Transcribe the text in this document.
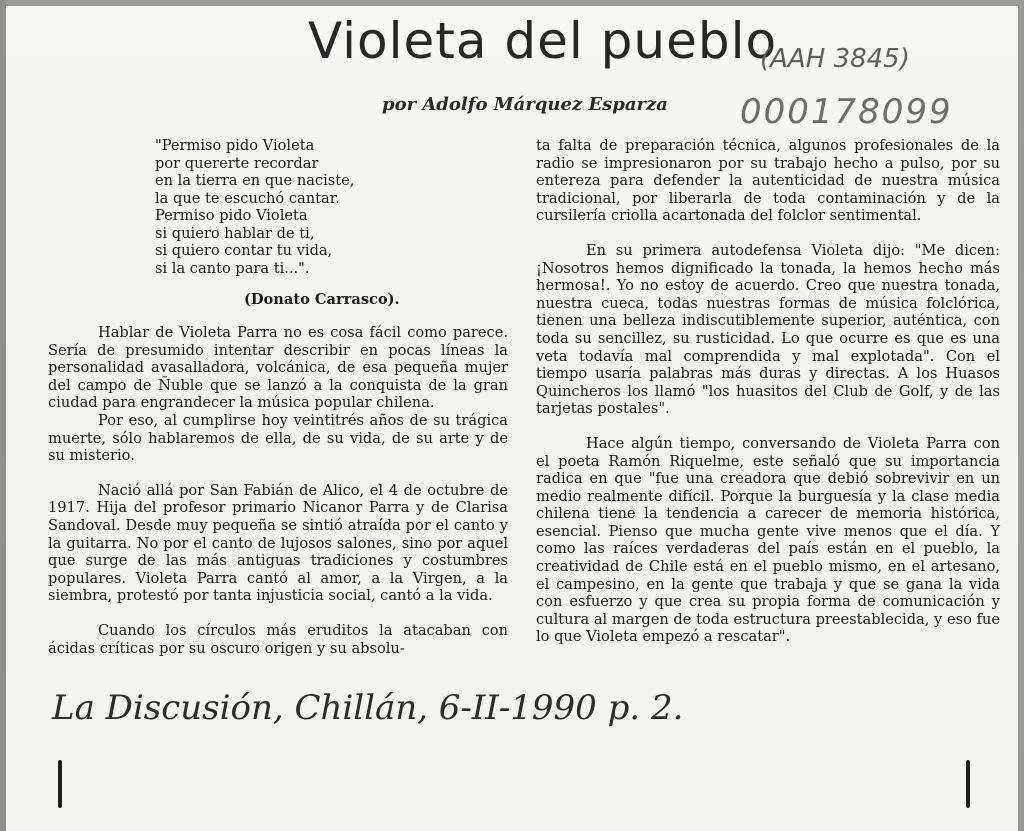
Violeta del pueblo
por Adolfo Márquez Esparza
(AAH 3845)
000178099
"Permiso pido Violeta
por quererte recordar
en la tierra en que naciste,
la que te escuchó cantar.
Permiso pido Violeta
si quiero hablar de ti,
si quiero contar tu vida,
si la canto para ti...".
(Donato Carrasco).

Hablar de Violeta Parra no es cosa fácil como parece. Sería de presumido intentar describir en pocas líneas la personalidad avasalladora, volcánica, de esa pequeña mujer del campo de Ñuble que se lanzó a la conquista de la gran ciudad para engrandecer la música popular chilena.

Por eso, al cumplirse hoy veintitrés años de su trágica muerte, sólo hablaremos de ella, de su vida, de su arte y de su misterio.

Nació allá por San Fabián de Alico, el 4 de octubre de 1917. Hija del profesor primario Nicanor Parra y de Clarisa Sandoval. Desde muy pequeña se sintió atraída por el canto y la guitarra. No por el canto de lujosos salones, sino por aquel que surge de las más antiguas tradiciones y costumbres populares. Violeta Parra cantó al amor, a la Virgen, a la siembra, protestó por tanta injusticia social, cantó a la vida.

Cuando los círculos más eruditos la atacaban con ácidas críticas por su oscuro origen y su absolu-

ta falta de preparación técnica, algunos profesionales de la radio se impresionaron por su trabajo hecho a pulso, por su entereza para defender la autenticidad de nuestra música tradicional, por liberarla de toda contaminación y de la cursilería criolla acartonada del folclor sentimental.

En su primera autodefensa Violeta dijo: "Me dicen: ¡Nosotros hemos dignificado la tonada, la hemos hecho más hermosa!. Yo no estoy de acuerdo. Creo que nuestra tonada, nuestra cueca, todas nuestras formas de música folclórica, tienen una belleza indiscutiblemente superior, auténtica, con toda su sencillez, su rusticidad. Lo que ocurre es que es una veta todavía mal comprendida y mal explotada". Con el tiempo usaría palabras más duras y directas. A los Huasos Quincheros los llamó "los huasitos del Club de Golf, y de las tarjetas postales".

Hace algún tiempo, conversando de Violeta Parra con el poeta Ramón Riquelme, este señaló que su importancia radica en que "fue una creadora que debió sobrevivir en un medio realmente difícil. Porque la burguesía y la clase media chilena tiene la tendencia a carecer de memoria histórica, esencial. Pienso que mucha gente vive menos que el día. Y como las raíces verdaderas del país están en el pueblo, la creatividad de Chile está en el pueblo mismo, en el artesano, el campesino, en la gente que trabaja y que se gana la vida con esfuerzo y que crea su propia forma de comunicación y cultura al margen de toda estructura preestablecida, y eso fue lo que Violeta empezó a rescatar".

La Discusión, Chillán, 6-II-1990 p. 2.
